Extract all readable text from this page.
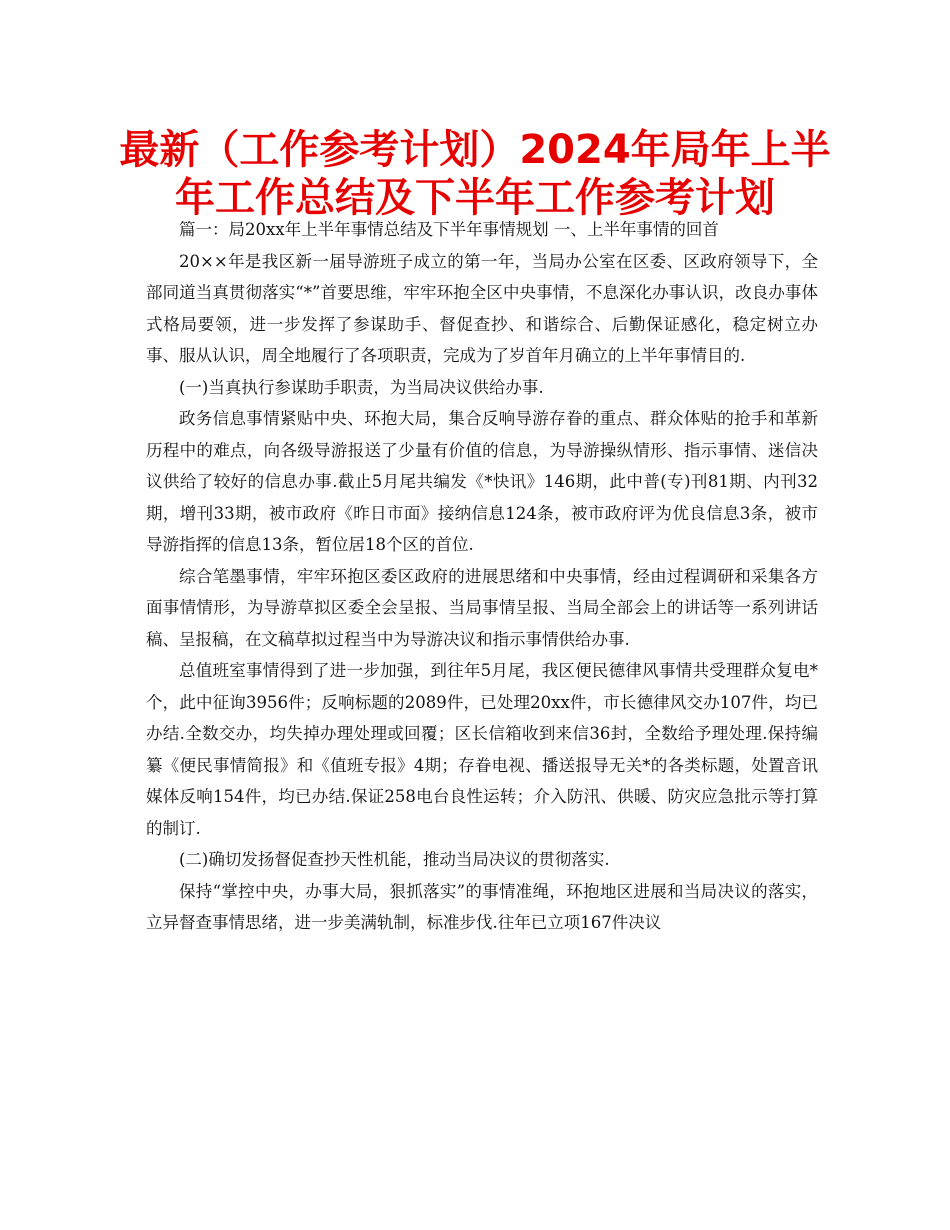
最新（工作参考计划）2024年局年上半
年工作总结及下半年工作参考计划

篇一：局20xx年上半年事情总结及下半年事情规划 一、上半年事情的回首

20××年是我区新一届导游班子成立的第一年，当局办公室在区委、区政府领导下，全部同道当真贯彻落实“*”首要思维，牢牢环抱全区中央事情，不息深化办事认识，改良办事体式格局要领，进一步发挥了参谋助手、督促查抄、和谐综合、后勤保证感化，稳定树立办事、服从认识，周全地履行了各项职责，完成为了岁首年月确立的上半年事情目的.

(一)当真执行参谋助手职责，为当局决议供给办事.

政务信息事情紧贴中央、环抱大局，集合反响导游存眷的重点、群众体贴的抢手和革新历程中的难点，向各级导游报送了少量有价值的信息，为导游操纵情形、指示事情、迷信决议供给了较好的信息办事.截止5月尾共编发《*快讯》146期，此中普(专)刊81期、内刊32期，增刊33期，被市政府《昨日市面》接纳信息124条，被市政府评为优良信息3条，被市导游指挥的信息13条，暂位居18个区的首位.

综合笔墨事情，牢牢环抱区委区政府的进展思绪和中央事情，经由过程调研和采集各方面事情情形，为导游草拟区委全会呈报、当局事情呈报、当局全部会上的讲话等一系列讲话稿、呈报稿，在文稿草拟过程当中为导游决议和指示事情供给办事.

总值班室事情得到了进一步加强，到往年5月尾，我区便民德律风事情共受理群众复电*个，此中征询3956件；反响标题的2089件，已处理20xx件，市长德律风交办107件，均已办结.全数交办，均失掉办理处理或回覆；区长信箱收到来信36封，全数给予理处理.保持编纂《便民事情简报》和《值班专报》4期；存眷电视、播送报导无关*的各类标题，处置音讯媒体反响154件，均已办结.保证258电台良性运转；介入防汛、供暖、防灾应急批示等打算的制订.

(二)确切发扬督促查抄天性机能，推动当局决议的贯彻落实.

保持“掌控中央，办事大局，狠抓落实”的事情准绳，环抱地区进展和当局决议的落实，立异督查事情思绪，进一步美满轨制，标准步伐.往年已立项167件决议
